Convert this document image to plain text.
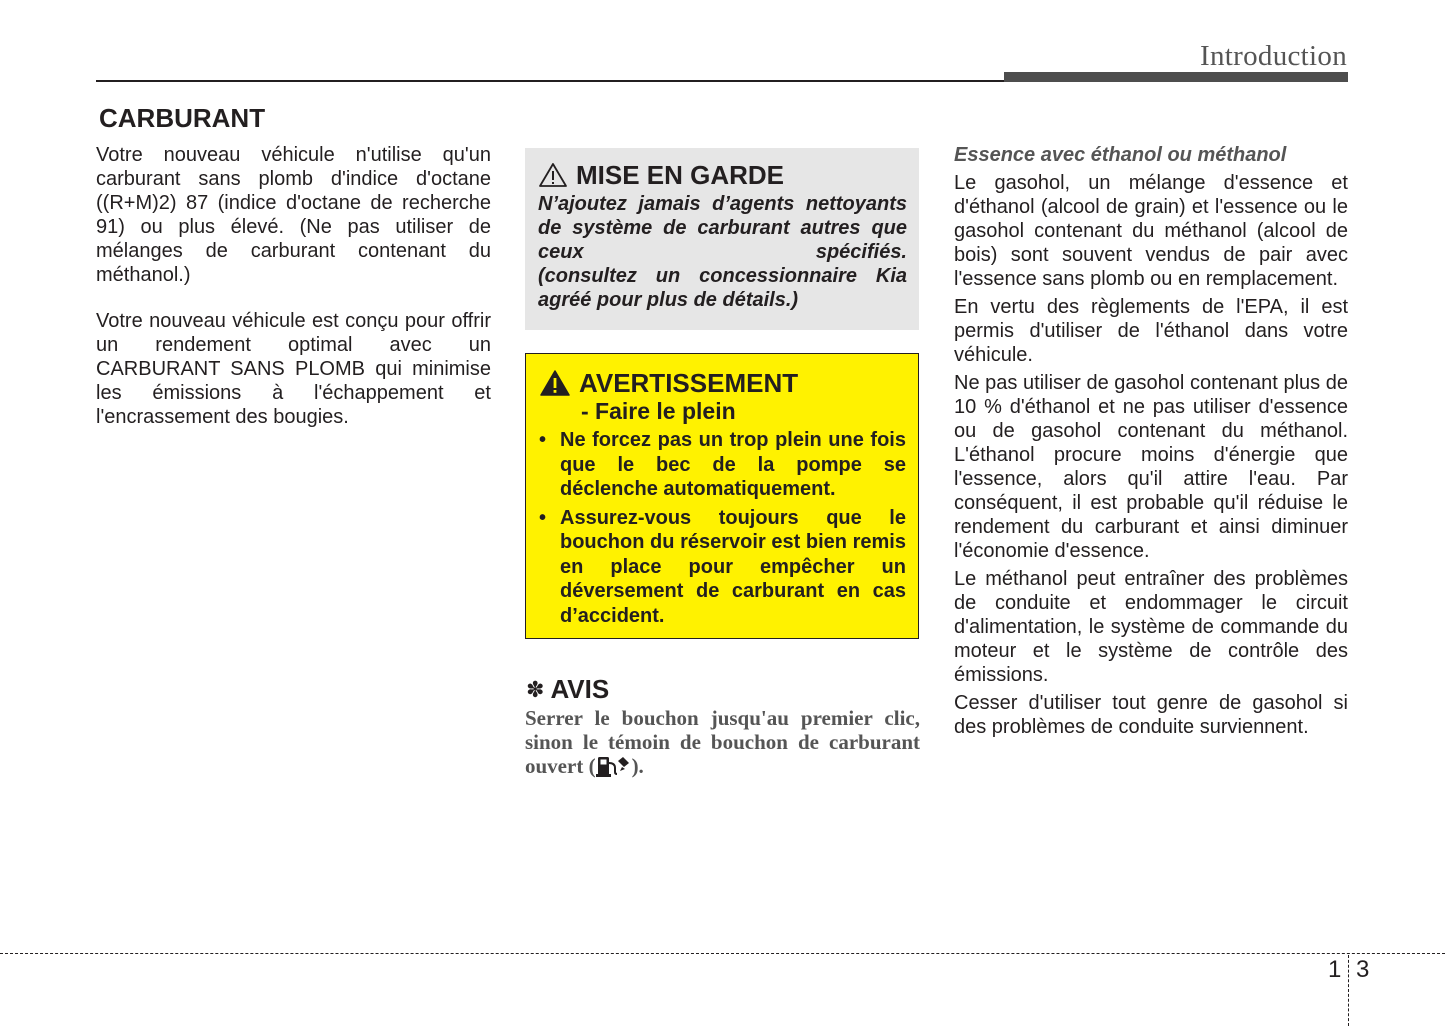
Introduction
CARBURANT

Votre nouveau véhicule n'utilise qu'un carburant sans plomb d'indice d'octane ((R+M)2) 87 (indice d'octane de recherche 91) ou plus élevé. (Ne pas utiliser de mélanges de carburant contenant du méthanol.)

Votre nouveau véhicule est conçu pour offrir un rendement optimal avec un CARBURANT SANS PLOMB qui minimise les émissions à l'échappement et l'encrassement des bougies.

MISE EN GARDE

N’ajoutez jamais d’agents nettoyants de système de carburant autres que ceux spécifiés.

(consultez un concessionnaire Kia agréé pour plus de détails.)

AVERTISSEMENT
- Faire le plein
• Ne forcez pas un trop plein une fois que le bec de la pompe se déclenche automatiquement.
• Assurez-vous toujours que le bouchon du réservoir est bien remis en place pour empêcher un déversement de carburant en cas d’accident.
✽ AVIS

Serrer le bouchon jusqu'au premier clic, sinon le témoin de bouchon de carburant ouvert ( ).

Essence avec éthanol ou méthanol

Le gasohol, un mélange d'essence et d'éthanol (alcool de grain) et l'essence ou le gasohol contenant du méthanol (alcool de bois) sont souvent vendus de pair avec l'essence sans plomb ou en remplacement.

En vertu des règlements de l'EPA, il est permis d'utiliser de l'éthanol dans votre véhicule.

Ne pas utiliser de gasohol contenant plus de 10 % d'éthanol et ne pas utiliser d'essence ou de gasohol contenant du méthanol. L'éthanol procure moins d'énergie que l'essence, alors qu'il attire l'eau. Par conséquent, il est probable qu'il réduise le rendement du carburant et ainsi diminuer l'économie d'essence.

Le méthanol peut entraîner des problèmes de conduite et endommager le circuit d'alimentation, le système de commande du moteur et le système de contrôle des émissions.

Cesser d'utiliser tout genre de gasohol si des problèmes de conduite surviennent.

1 3
